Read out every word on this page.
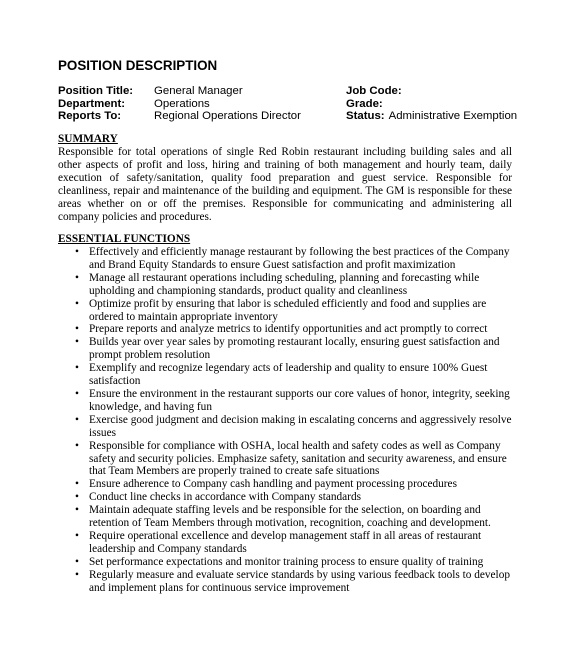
POSITION DESCRIPTION
Position Title: General Manager	Job Code:
Department:	Operations	Grade:
Reports To:	Regional Operations Director	Status: Administrative Exemption
SUMMARY

Responsible for total operations of single Red Robin restaurant including building sales and all other aspects of profit and loss, hiring and training of both management and hourly team, daily execution of safety/sanitation, quality food preparation and guest service. Responsible for cleanliness, repair and maintenance of the building and equipment. The GM is responsible for these areas whether on or off the premises. Responsible for communicating and administering all company policies and procedures.

ESSENTIAL FUNCTIONS
• Effectively and efficiently manage restaurant by following the best practices of the Company and Brand Equity Standards to ensure Guest satisfaction and profit maximization
• Manage all restaurant operations including scheduling, planning and forecasting while upholding and championing standards, product quality and cleanliness
• Optimize profit by ensuring that labor is scheduled efficiently and food and supplies are ordered to maintain appropriate inventory
• Prepare reports and analyze metrics to identify opportunities and act promptly to correct
• Builds year over year sales by promoting restaurant locally, ensuring guest satisfaction and prompt problem resolution
• Exemplify and recognize legendary acts of leadership and quality to ensure 100% Guest satisfaction
• Ensure the environment in the restaurant supports our core values of honor, integrity, seeking knowledge, and having fun
• Exercise good judgment and decision making in escalating concerns and aggressively resolve issues
• Responsible for compliance with OSHA, local health and safety codes as well as Company safety and security policies. Emphasize safety, sanitation and security awareness, and ensure that Team Members are properly trained to create safe situations
• Ensure adherence to Company cash handling and payment processing procedures
• Conduct line checks in accordance with Company standards
• Maintain adequate staffing levels and be responsible for the selection, on boarding and retention of Team Members through motivation, recognition, coaching and development.
• Require operational excellence and develop management staff in all areas of restaurant leadership and Company standards
• Set performance expectations and monitor training process to ensure quality of training
• Regularly measure and evaluate service standards by using various feedback tools to develop and implement plans for continuous service improvement
